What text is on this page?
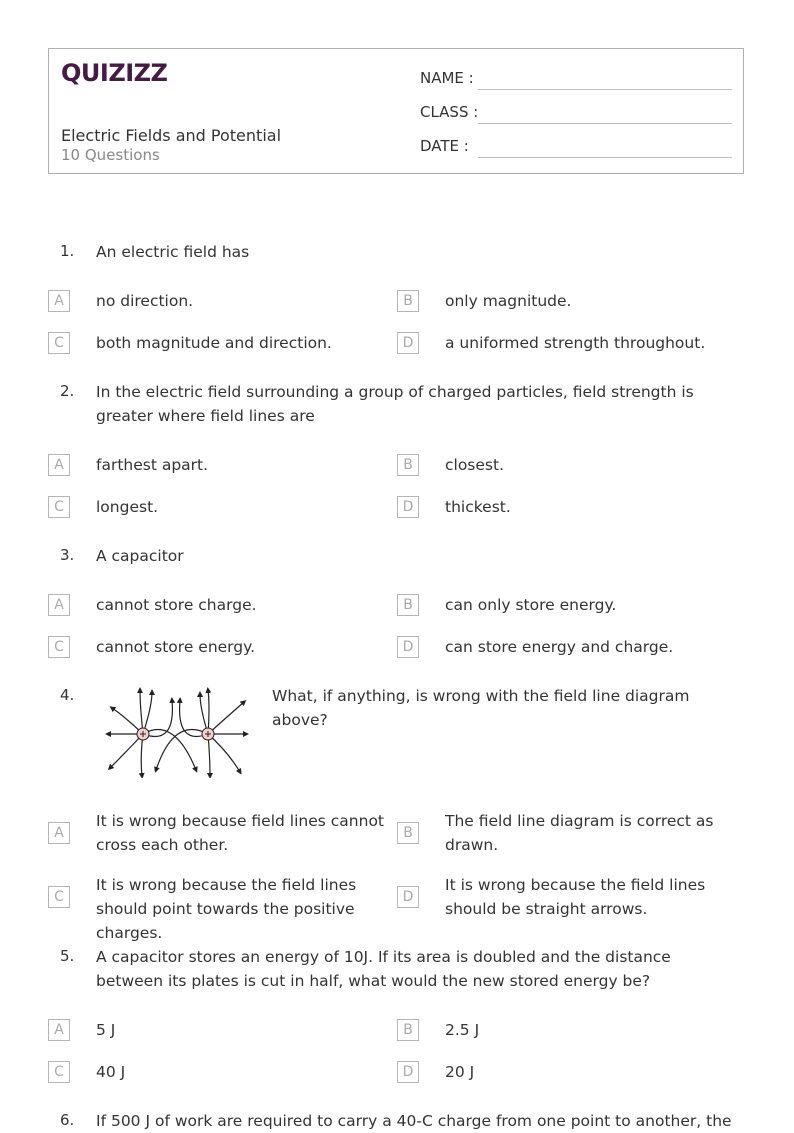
QUIZIZZ
Electric Fields and Potential
10 Questions
NAME :
CLASS :
DATE :
1. An electric field has
A	no direction.	B	only magnitude.
C	both magnitude and direction.	D	a uniformed strength throughout.
2. In the electric field surrounding a group of charged particles, field strength is greater where field lines are
A	farthest apart.	B	closest.
C	longest.	D	thickest.
3. A capacitor
A	cannot store charge.	B	can only store energy.
C	cannot store energy.	D	can store energy and charge.
4.	What, if anything, is wrong with the field line diagram above?
A
It is wrong because field lines cannot cross each other.
B
The field line diagram is correct as drawn.
C
It is wrong because the field lines should point towards the positive charges.
D
It is wrong because the field lines should be straight arrows.
5. A capacitor stores an energy of 10J. If its area is doubled and the distance between its plates is cut in half, what would the new stored energy be?
A	5 J	B	2.5 J
C	40 J	D	20 J
6. If 500 J of work are required to carry a 40-C charge from one point to another, the
